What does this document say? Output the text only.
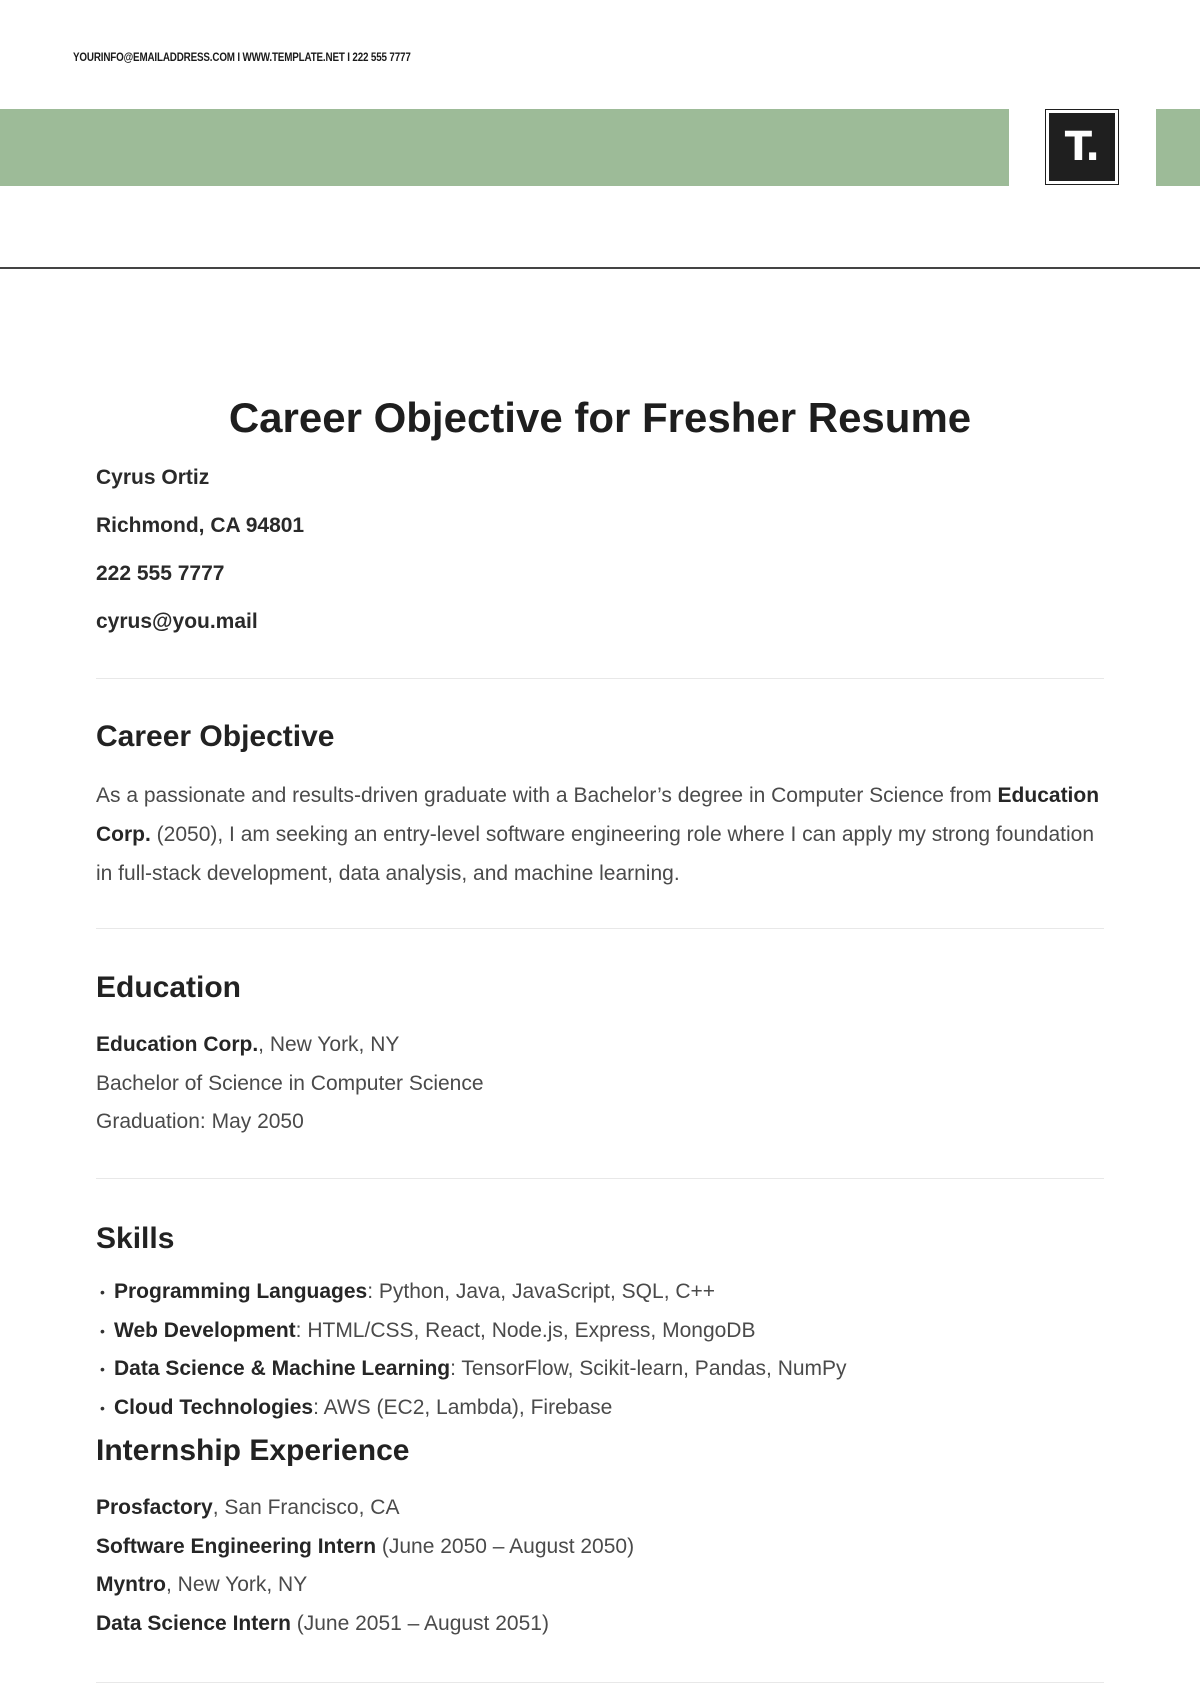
YOURINFO@EMAILADDRESS.COM I WWW.TEMPLATE.NET I 222 555 7777
T.
Career Objective for Fresher Resume
Cyrus Ortiz
Richmond, CA 94801
222 555 7777
cyrus@you.mail
Career Objective
As a passionate and results-driven graduate with a Bachelor’s degree in Computer Science from Education Corp. (2050), I am seeking an entry-level software engineering role where I can apply my strong foundation in full-stack development, data analysis, and machine learning.
Education
Education Corp., New York, NY
Bachelor of Science in Computer Science
Graduation: May 2050
Skills
• Programming Languages: Python, Java, JavaScript, SQL, C++
• Web Development: HTML/CSS, React, Node.js, Express, MongoDB
• Data Science & Machine Learning: TensorFlow, Scikit-learn, Pandas, NumPy
• Cloud Technologies: AWS (EC2, Lambda), Firebase
Internship Experience
Prosfactory, San Francisco, CA
Software Engineering Intern (June 2050 – August 2050)
Myntro, New York, NY
Data Science Intern (June 2051 – August 2051)
